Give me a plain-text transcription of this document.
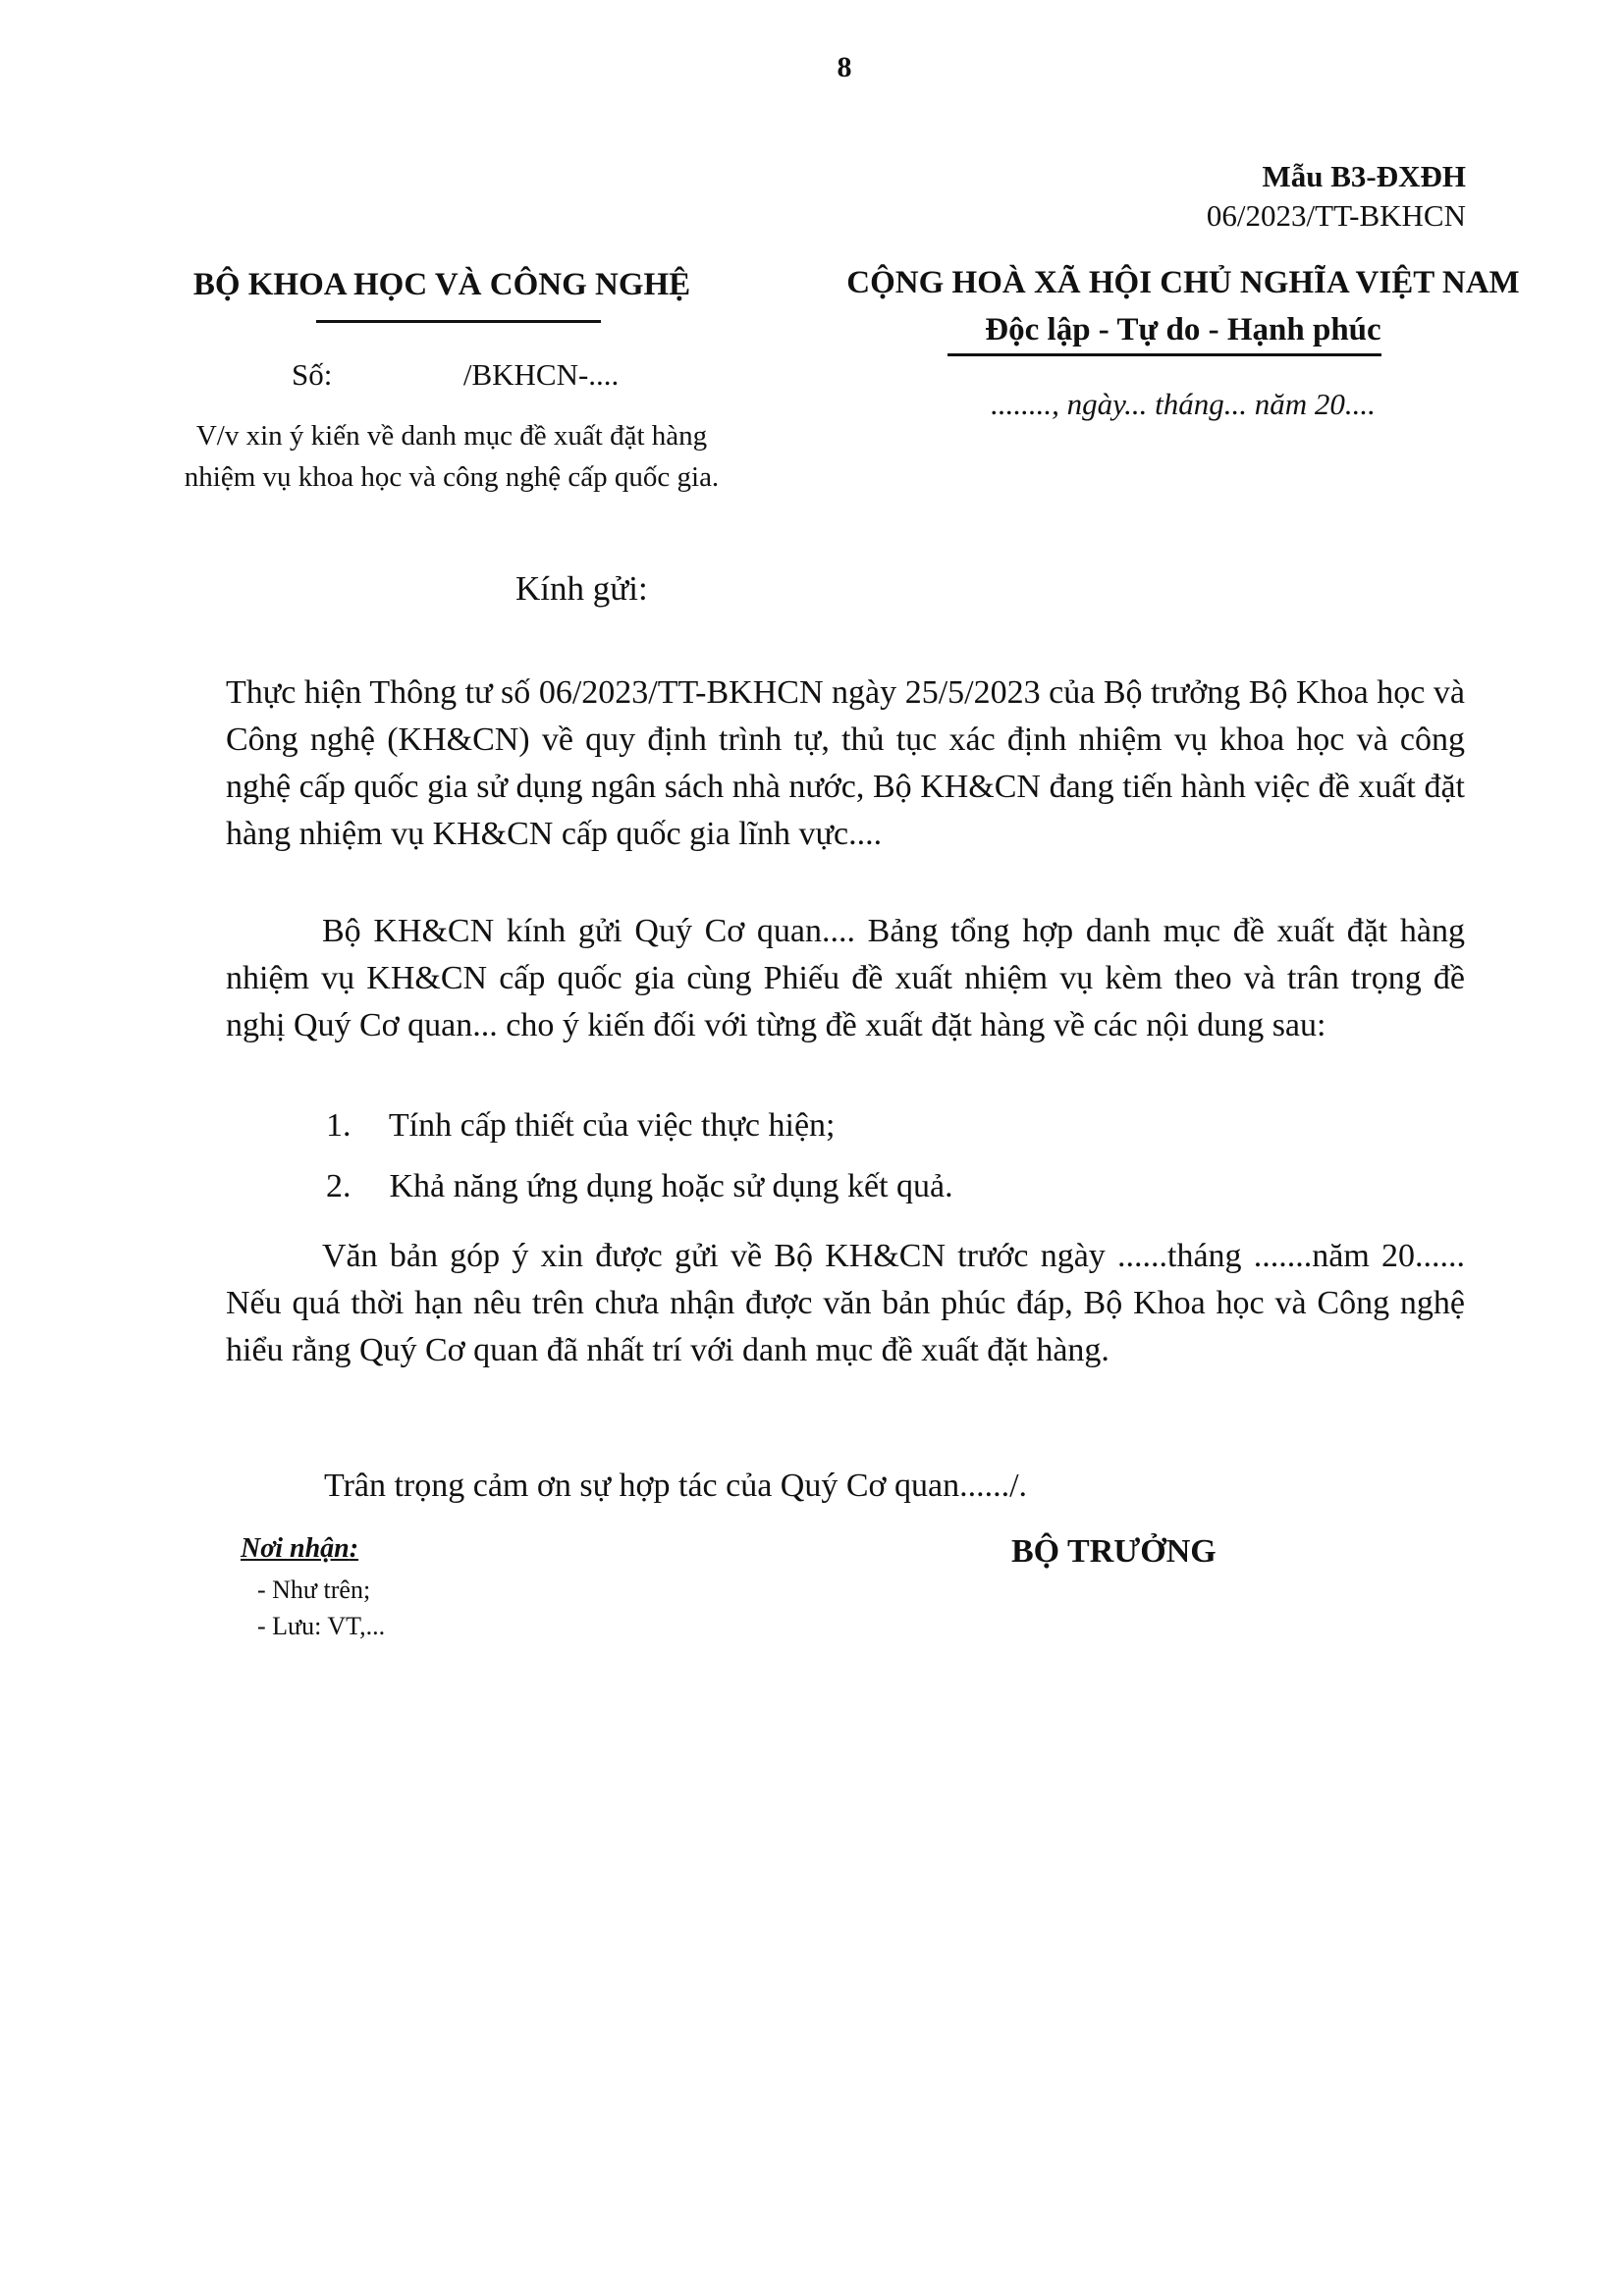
8
Mẫu B3-ĐXĐH
06/2023/TT-BKHCN
BỘ KHOA HỌC VÀ CÔNG NGHỆ
Số:	/BKHCN-....
V/v xin ý kiến về danh mục đề xuất đặt hàng
nhiệm vụ khoa học và công nghệ cấp quốc gia.
CỘNG HOÀ XÃ HỘI CHỦ NGHĨA VIỆT NAM
Độc lập - Tự do - Hạnh phúc
........, ngày... tháng... năm 20....
Kính gửi:
Thực hiện Thông tư số 06/2023/TT-BKHCN ngày 25/5/2023 của Bộ trưởng Bộ Khoa học và Công nghệ (KH&CN) về quy định trình tự, thủ tục xác định nhiệm vụ khoa học và công nghệ cấp quốc gia sử dụng ngân sách nhà nước, Bộ KH&CN đang tiến hành việc đề xuất đặt hàng nhiệm vụ KH&CN cấp quốc gia lĩnh vực....
Bộ KH&CN kính gửi Quý Cơ quan.... Bảng tổng hợp danh mục đề xuất đặt hàng nhiệm vụ KH&CN cấp quốc gia cùng Phiếu đề xuất nhiệm vụ kèm theo và trân trọng đề nghị Quý Cơ quan... cho ý kiến đối với từng đề xuất đặt hàng về các nội dung sau:
1. Tính cấp thiết của việc thực hiện;
2. Khả năng ứng dụng hoặc sử dụng kết quả.
Văn bản góp ý xin được gửi về Bộ KH&CN trước ngày ......tháng .......năm 20...... Nếu quá thời hạn nêu trên chưa nhận được văn bản phúc đáp, Bộ Khoa học và Công nghệ hiểu rằng Quý Cơ quan đã nhất trí với danh mục đề xuất đặt hàng.
Trân trọng cảm ơn sự hợp tác của Quý Cơ quan....../.
Nơi nhận:
- Như trên;
- Lưu: VT,...
BỘ TRƯỞNG
